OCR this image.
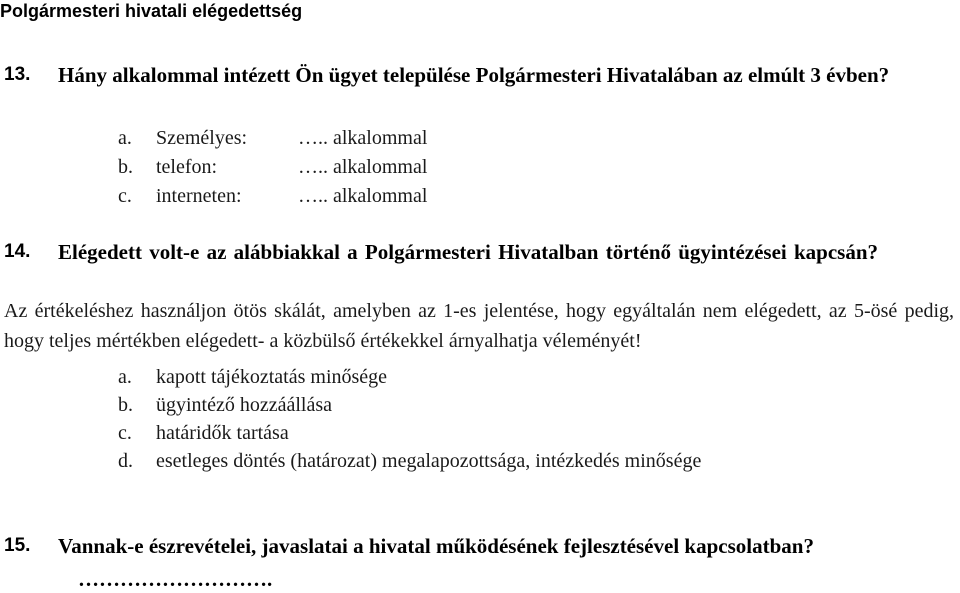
Polgármesteri hivatali elégedettség
13. Hány alkalommal intézett Ön ügyet települése Polgármesteri Hivatalában az elmúlt 3 évben?
a. Személyes:	….. alkalommal
b. telefon:	….. alkalommal
c. interneten:	….. alkalommal
14. Elégedett volt-e az alábbiakkal a Polgármesteri Hivatalban történő ügyintézései kapcsán?
Az értékeléshez használjon ötös skálát, amelyben az 1-es jelentése, hogy egyáltalán nem elégedett, az 5-ösé pedig, hogy teljes mértékben elégedett- a közbülső értékekkel árnyalhatja véleményét!
a. kapott tájékoztatás minősége
b. ügyintéző hozzáállása
c. határidők tartása
d. esetleges döntés (határozat) megalapozottsága, intézkedés minősége
15. Vannak-e észrevételei, javaslatai a hivatal működésének fejlesztésével kapcsolatban?
……………………….
